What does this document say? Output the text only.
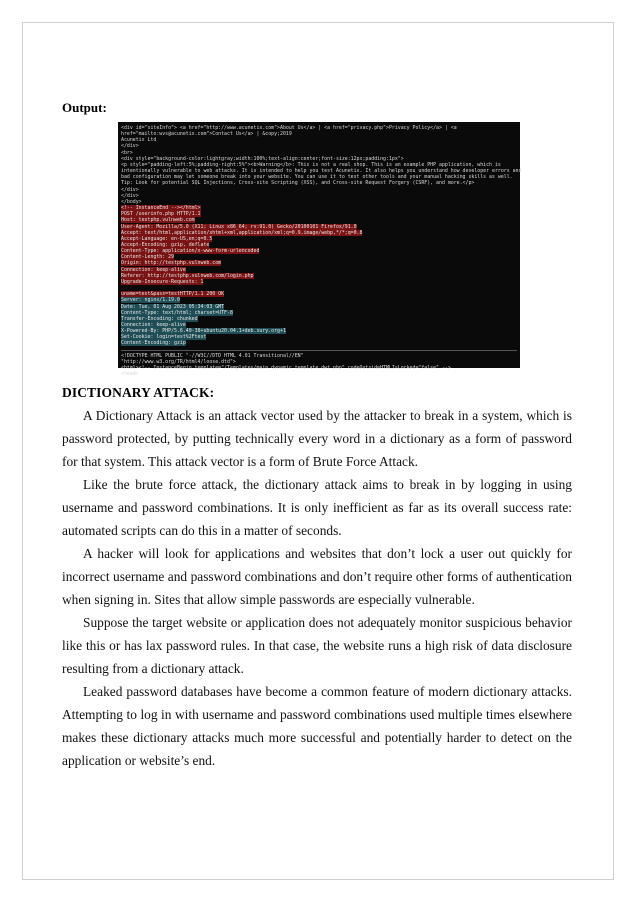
Output:
<div id="siteInfo"> <a href="http://www.acunetix.com">About Us</a> | <a href="privacy.php">Privacy Policy</a> | <a
href="mailto:wvs@acunetix.com">Contact Us</a> | &copy;2019
Acunetix Ltd
</div>
<br>
<div style="background-color:lightgray;width:100%;text-align:center;font-size:12px;padding:1px">
<p style="padding-left:5%;padding-right:5%"><b>Warning</b>: This is not a real shop. This is an example PHP application, which is
intentionally vulnerable to web attacks. It is intended to help you test Acunetix. It also helps you understand how developer errors and
bad configuration may let someone break into your website. You can use it to test other tools and your manual hacking skills as well.
Tip: Look for potential SQL Injections, Cross-site Scripting (XSS), and Cross-site Request Forgery (CSRF), and more.</p>
</div>
</div>
</body>
<!-- InstanceEnd --></html>
POST /userinfo.php HTTP/1.1
Host: testphp.vulnweb.com
User-Agent: Mozilla/5.0 (X11; Linux x86_64; rv:91.0) Gecko/20100101 Firefox/91.0
Accept: text/html,application/xhtml+xml,application/xml;q=0.9,image/webp,*/*;q=0.8
Accept-Language: en-US,en;q=0.5
Accept-Encoding: gzip, deflate
Content-Type: application/x-www-form-urlencoded
Content-Length: 29
Origin: http://testphp.vulnweb.com
Connection: keep-alive
Referer: http://testphp.vulnweb.com/login.php
Upgrade-Insecure-Requests: 1
uname=test&pass=testHTTP/1.1 200 OK
Server: nginx/1.19.0
Date: Tue, 01 Aug 2023 05:34:03 GMT
Content-Type: text/html; charset=UTF-8
Transfer-Encoding: chunked
Connection: keep-alive
X-Powered-By: PHP/5.6.40-38+ubuntu20.04.1+deb.sury.org+1
Set-Cookie: login=test%2Ftest
Content-Encoding: gzip
<!DOCTYPE HTML PUBLIC "-//W3C//DTD HTML 4.01 Transitional//EN"
"http://www.w3.org/TR/html4/loose.dtd">
<html><!-- InstanceBegin template="/Templates/main_dynamic_template.dwt.php" codeOutsideHTMLIsLocked="false" -->
<head>
DICTIONARY ATTACK:

A Dictionary Attack is an attack vector used by the attacker to break in a system, which is password protected, by putting technically every word in a dictionary as a form of password for that system. This attack vector is a form of Brute Force Attack.

Like the brute force attack, the dictionary attack aims to break in by logging in using username and password combinations. It is only inefficient as far as its overall success rate: automated scripts can do this in a matter of seconds.

A hacker will look for applications and websites that don’t lock a user out quickly for incorrect username and password combinations and don’t require other forms of authentication when signing in. Sites that allow simple passwords are especially vulnerable.

Suppose the target website or application does not adequately monitor suspicious behavior like this or has lax password rules. In that case, the website runs a high risk of data disclosure resulting from a dictionary attack.

Leaked password databases have become a common feature of modern dictionary attacks. Attempting to log in with username and password combinations used multiple times elsewhere makes these dictionary attacks much more successful and potentially harder to detect on the application or website’s end.
